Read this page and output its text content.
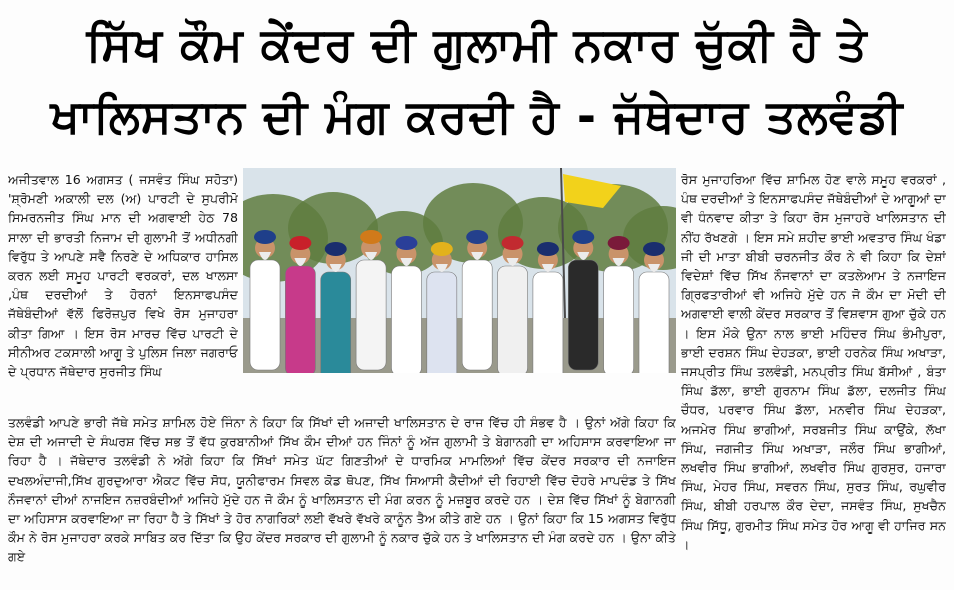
ਸਿੱਖ ਕੌਮ ਕੇਂਦਰ ਦੀ ਗੁਲਾਮੀ ਨਕਾਰ ਚੁੱਕੀ ਹੈ ਤੇ
ਖਾਲਿਸਤਾਨ ਦੀ ਮੰਗ ਕਰਦੀ ਹੈ - ਜੱਥੇਦਾਰ ਤਲਵੰਡੀ

ਅਜੀਤਵਾਲ 16 ਅਗਸਤ ( ਜਸਵੰਤ ਸਿੰਘ ਸਹੋਤਾ) 'ਸ਼੍ਰੋਮਣੀ ਅਕਾਲੀ ਦਲ (ਅ) ਪਾਰਟੀ ਦੇ ਸੁਪਰੀਮੋ ਸਿਮਰਨਜੀਤ ਸਿੰਘ ਮਾਨ ਦੀ ਅਗਵਾਈ ਹੇਠ 78 ਸਾਲਾ ਦੀ ਭਾਰਤੀ ਨਿਜਾਮ ਦੀ ਗੁਲਾਮੀ ਤੋਂ ਅਧੀਨਗੀ ਵਿਰੁੱਧ ਤੇ ਆਪਣੇ ਸਵੈ ਨਿਰਣੇ ਦੇ ਅਧਿਕਾਰ ਹਾਸਿਲ ਕਰਨ ਲਈ ਸਮੂਹ ਪਾਰਟੀ ਵਰਕਰਾਂ, ਦਲ ਖਾਲਸਾ ,ਪੰਥ ਦਰਦੀਆਂ ਤੇ ਹੋਰਨਾਂ ਇਨਸਾਫਪਸੰਦ ਜੱਥੇਬੰਦੀਆਂ ਵੱਲੋਂ ਫਿਰੋਜ਼ਪੁਰ ਵਿਖੇ ਰੋਸ ਮੁਜਾਹਰਾ ਕੀਤਾ ਗਿਆ । ਇਸ ਰੋਸ ਮਾਰਚ ਵਿੱਚ ਪਾਰਟੀ ਦੇ ਸੀਨੀਅਰ ਟਕਸਾਲੀ ਆਗੂ ਤੇ ਪੁਲਿਸ ਜਿਲਾ ਜਗਰਾਓ ਦੇ ਪ੍ਰਧਾਨ ਜੱਥੇਦਾਰ ਸੁਰਜੀਤ ਸਿੰਘ

ਤਲਵੰਡੀ ਆਪਣੇ ਭਾਰੀ ਜੱਥੇ ਸਮੇਤ ਸ਼ਾਮਿਲ ਹੋਏ ਜਿੰਨਾ ਨੇ ਕਿਹਾ ਕਿ ਸਿੱਖਾਂ ਦੀ ਅਜਾਦੀ ਖਾਲਿਸਤਾਨ ਦੇ ਰਾਜ ਵਿੱਚ ਹੀ ਸੰਭਵ ਹੈ । ਉਨਾਂ ਅੱਗੇ ਕਿਹਾ ਕਿ ਦੇਸ਼ ਦੀ ਅਜਾਦੀ ਦੇ ਸੰਘਰਸ਼ ਵਿੱਚ ਸਭ ਤੋਂ ਵੱਧ ਕੁਰਬਾਨੀਆਂ ਸਿੱਖ ਕੌਮ ਦੀਆਂ ਹਨ ਜਿੰਨਾਂ ਨੂੰ ਅੱਜ ਗੁਲਾਮੀ ਤੇ ਬੇਗਾਨਗੀ ਦਾ ਅਹਿਸਾਸ ਕਰਵਾਇਆ ਜਾ ਰਿਹਾ ਹੈ । ਜੱਥੇਦਾਰ ਤਲਵੰਡੀ ਨੇ ਅੱਗੇ ਕਿਹਾ ਕਿ ਸਿੱਖਾਂ ਸਮੇਤ ਘੱਟ ਗਿਣਤੀਆਂ ਦੇ ਧਾਰਮਿਕ ਮਾਮਲਿਆਂ ਵਿੱਚ ਕੇਂਦਰ ਸਰਕਾਰ ਦੀ ਨਜਾਇਜ ਦਖਲਅੰਦਾਜੀ,ਸਿੱਖ ਗੁਰਦੁਆਰਾ ਐਕਟ ਵਿੱਚ ਸੋਧ, ਯੂਨੀਫਾਰਮ ਸਿਵਲ ਕੋਡ ਥੋਪਣ, ਸਿੱਖ ਸਿਆਸੀ ਕੈਦੀਆਂ ਦੀ ਰਿਹਾਈ ਵਿੱਚ ਦੋਹਰੇ ਮਾਪਦੰਡ ਤੇ ਸਿੱਖ ਨੌਜਵਾਨਾਂ ਦੀਆਂ ਨਾਜਇਜ ਨਜ਼ਰਬੰਦੀਆਂ ਅਜਿਹੇ ਮੁੱਦੇ ਹਨ ਜੋ ਕੌਮ ਨੂੰ ਖਾਲਿਸਤਾਨ ਦੀ ਮੰਗ ਕਰਨ ਨੂੰ ਮਜ਼ਬੂਰ ਕਰਦੇ ਹਨ । ਦੇਸ਼ ਵਿੱਚ ਸਿੱਖਾਂ ਨੂੰ ਬੇਗਾਨਗੀ ਦਾ ਅਹਿਸਾਸ ਕਰਵਾਇਆ ਜਾ ਰਿਹਾ ਹੈ ਤੇ ਸਿੱਖਾਂ ਤੇ ਹੋਰ ਨਾਗਰਿਕਾਂ ਲਈ ਵੱਖਰੇ ਵੱਖਰੇ ਕਾਨੂੰਨ ਤੈਅ ਕੀਤੇ ਗਏ ਹਨ । ਉਨਾਂ ਕਿਹਾ ਕਿ 15 ਅਗਸਤ ਵਿਰੁੱਧ ਕੌਮ ਨੇ ਰੋਸ ਮੁਜਾਹਰਾ ਕਰਕੇ ਸਾਬਿਤ ਕਰ ਦਿੱਤਾ ਕਿ ਉਹ ਕੇਂਦਰ ਸਰਕਾਰ ਦੀ ਗੁਲਾਮੀ ਨੂੰ ਨਕਾਰ ਚੁੱਕੇ ਹਨ ਤੇ ਖਾਲਿਸਤਾਨ ਦੀ ਮੰਗ ਕਰਦੇ ਹਨ । ਉਨਾ ਕੀਤੇ ਗਏ

ਰੋਸ ਮੁਜਾਹਰਿਆ ਵਿੱਚ ਸ਼ਾਮਿਲ ਹੋਣ ਵਾਲੇ ਸਮੂਹ ਵਰਕਰਾਂ , ਪੰਥ ਦਰਦੀਆਂ ਤੇ ਇਨਸਾਫਪਸੰਦ ਜੱਥੇਬੰਦੀਆਂ ਦੇ ਆਗੂਆਂ ਦਾ ਵੀ ਧੰਨਵਾਦ ਕੀਤਾ ਤੇ ਕਿਹਾ ਰੋਸ ਮੁਜਾਹਰੇ ਖਾਲਿਸਤਾਨ ਦੀ ਨੀਂਹ ਰੱਖਣਗੇ । ਇਸ ਸਮੇ ਸ਼ਹੀਦ ਭਾਈ ਅਵਤਾਰ ਸਿੰਘ ਖੰਡਾ ਜੀ ਦੀ ਮਾਤਾ ਬੀਬੀ ਚਰਨਜੀਤ ਕੌਰ ਨੇ ਵੀ ਕਿਹਾ ਕਿ ਦੇਸ਼ਾਂ ਵਿਦੇਸ਼ਾਂ ਵਿੱਚ ਸਿੱਖ ਨੌਜਵਾਨਾਂ ਦਾ ਕਤਲੇਆਮ ਤੇ ਨਜਾਇਜ ਗ੍ਰਿਫਤਾਰੀਆਂ ਵੀ ਅਜਿਹੇ ਮੁੱਦੇ ਹਨ ਜੋ ਕੌਮ ਦਾ ਮੋਦੀ ਦੀ ਅਗਵਾਈ ਵਾਲੀ ਕੇਂਦਰ ਸਰਕਾਰ ਤੋਂ ਵਿਸ਼ਵਾਸ ਗੁਆ ਚੁੱਕੇ ਹਨ । ਇਸ ਮੌਕੇ ਉਨਾ ਨਾਲ ਭਾਈ ਮਹਿੰਦਰ ਸਿੰਘ ਭੰਮੀਪੁਰਾ, ਭਾਈ ਦਰਸ਼ਨ ਸਿੰਘ ਦੇਹੜਕਾ, ਭਾਈ ਹਰਨੇਕ ਸਿੰਘ ਅਖਾੜਾ, ਜਸਪ੍ਰੀਤ ਸਿੰਘ ਤਲਵੰਡੀ, ਮਨਪ੍ਰੀਤ ਸਿੰਘ ਬੱਸੀਆਂ , ਬੰਤਾ ਸਿੰਘ ਡੱਲਾ, ਭਾਈ ਗੁਰਨਾਮ ਸਿੰਘ ਡੱਲਾ, ਦਲਜੀਤ ਸਿੰਘ ਚੌਧਰ, ਪਰਵਾਰ ਸਿੰਘ ਡੱਲਾ, ਮਨਵੀਰ ਸਿੰਘ ਦੇਹੜਕਾ, ਅਜਮੇਰ ਸਿੰਘ ਭਾਗੀਆਂ, ਸਰਬਜੀਤ ਸਿੰਘ ਕਾਉਂਕੇ, ਲੱਖਾ ਸਿੰਘ, ਜਗਜੀਤ ਸਿੰਘ ਅਖਾੜਾ, ਜਲੌਰ ਸਿੰਘ ਭਾਗੀਆਂ, ਲਖਵੀਰ ਸਿੰਘ ਭਾਗੀਆਂ, ਲਖਵੀਰ ਸਿੰਘ ਗੁਰਸੁਰ, ਹਜਾਰਾ ਸਿੰਘ, ਮੇਹਰ ਸਿੰਘ, ਸਵਰਨ ਸਿੰਘ, ਸੁਰਤ ਸਿੰਘ, ਰਘੁਵੀਰ ਸਿੰਘ, ਬੀਬੀ ਹਰਪਾਲ ਕੌਰ ਦੇਦਾ, ਜਸਵੰਤ ਸਿੰਘ, ਸੁਖਚੈਨ ਸਿੰਘ ਸਿੱਧੂ, ਗੁਰਮੀਤ ਸਿੰਘ ਸਮੇਤ ਹੋਰ ਆਗੂ ਵੀ ਹਾਜਿਰ ਸਨ ।
